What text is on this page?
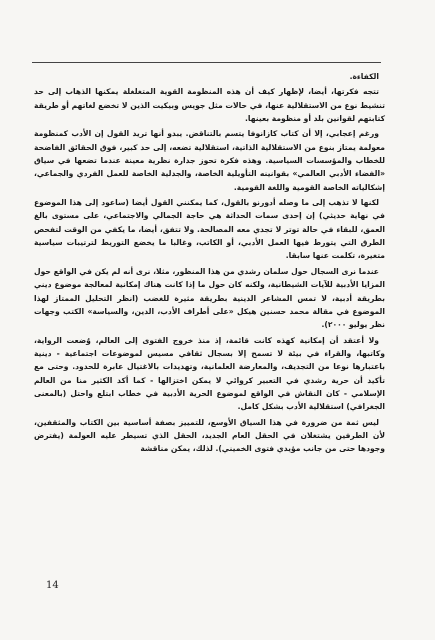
الكفاءة.

تتجه فكرتها، أيضا، لإظهار كيف أن هذه المنظومة القوية المتغلغلة يمكنها الذهاب إلى حد تنشيط نوع من الاستقلالية عنها، في حالات مثل جويس وبيكيت الذين لا تخضع لغاتهم أو طريقة كتابتهم لقوانين بلد أو منظومة بعينها.

ورغم إعجابي، إلا أن كتاب كازانوفا يتسم بالتناقض. يبدو أنها تريد القول إن الأدب كمنظومة معولمة يمتاز بنوع من الاستقلالية الذاتية، استقلالية تضعه، إلى حد كبير، فوق الحقائق الفاضحة للخطاب والمؤسسات السياسية. وهذه فكرة تحوز جدارة نظرية معينة عندما تضعها في سياق «الفضاء الأدبي العالمي» بقوانينه التأويلية الخاصة، والجدلية الخاصة للعمل الفردي والجماعي، إشكالياته الخاصة القومية واللغة القومية.

لكنها لا تذهب إلى ما وصله أدورنو بالقول، كما يمكنني القول أيضا (ساعود إلى هذا الموضوع في نهاية حديثي) إن إحدى سمات الحداثة هي حاجة الجمالي والاجتماعي، على مستوى بالغ العمق، للبقاء في حالة توتر لا تجدي معه المصالحة. ولا تتفق، أيضا، ما يكفي من الوقت لتفحص الطرق التي يتورط فيها العمل الأدبي، أو الكاتب، وغالبا ما يخضع التوريط لترتيبات سياسية متغيرة، تكلمت عنها سابقا.

عندما نرى السجال حول سلمان رشدي من هذا المنظور، مثلا، نرى أنه لم يكن في الواقع حول المزايا الأدبية للآيات الشيطانية، ولكنه كان حول ما إذا كانت هناك إمكانية لمعالجة موضوع ديني بطريقة أدبية، لا تمس المشاعر الدينية بطريقة مثيرة للغضب (انظر التحليل الممتاز لهذا الموضوع في مقالة محمد حسنين هيكل «على أطراف الأدب، الدين، والسياسة» الكتب وجهات نظر يوليو ٢٠٠٠).

ولا أعتقد أن إمكانية كهذه كانت قائمة، إذ منذ خروج الفتوى إلى العالم، وُضعت الرواية، وكاتبها، والقراء في بيئة لا تسمح إلا بسجال ثقافي مسيس لموضوعات اجتماعية - دينية باعتبارها نوعا من التجديف، والمعارضة العلمانية، وتهديدات بالاغتيال عابرة للحدود. وحتى مع تأكيد أن حرية رشدي في التعبير كروائي لا يمكن اختزالها - كما أكد الكثير منا من العالم الإسلامي - كان النقاش في الواقع لموضوع الحرية الأدبية في خطاب ابتلع واحتل (بالمعنى الجغرافي) استقلالية الأدب بشكل كامل.

ليس ثمة من ضرورة في هذا السياق الأوسع، للتمييز بصفة أساسية بين الكتاب والمثقفين، لأن الطرفين يشتغلان في الحقل العام الجديد، الحقل الذي تسيطر عليه العولمة (يفترض وجودها حتى من جانب مؤيدي فتوى الخميني). لذلك، يمكن مناقشة

14
